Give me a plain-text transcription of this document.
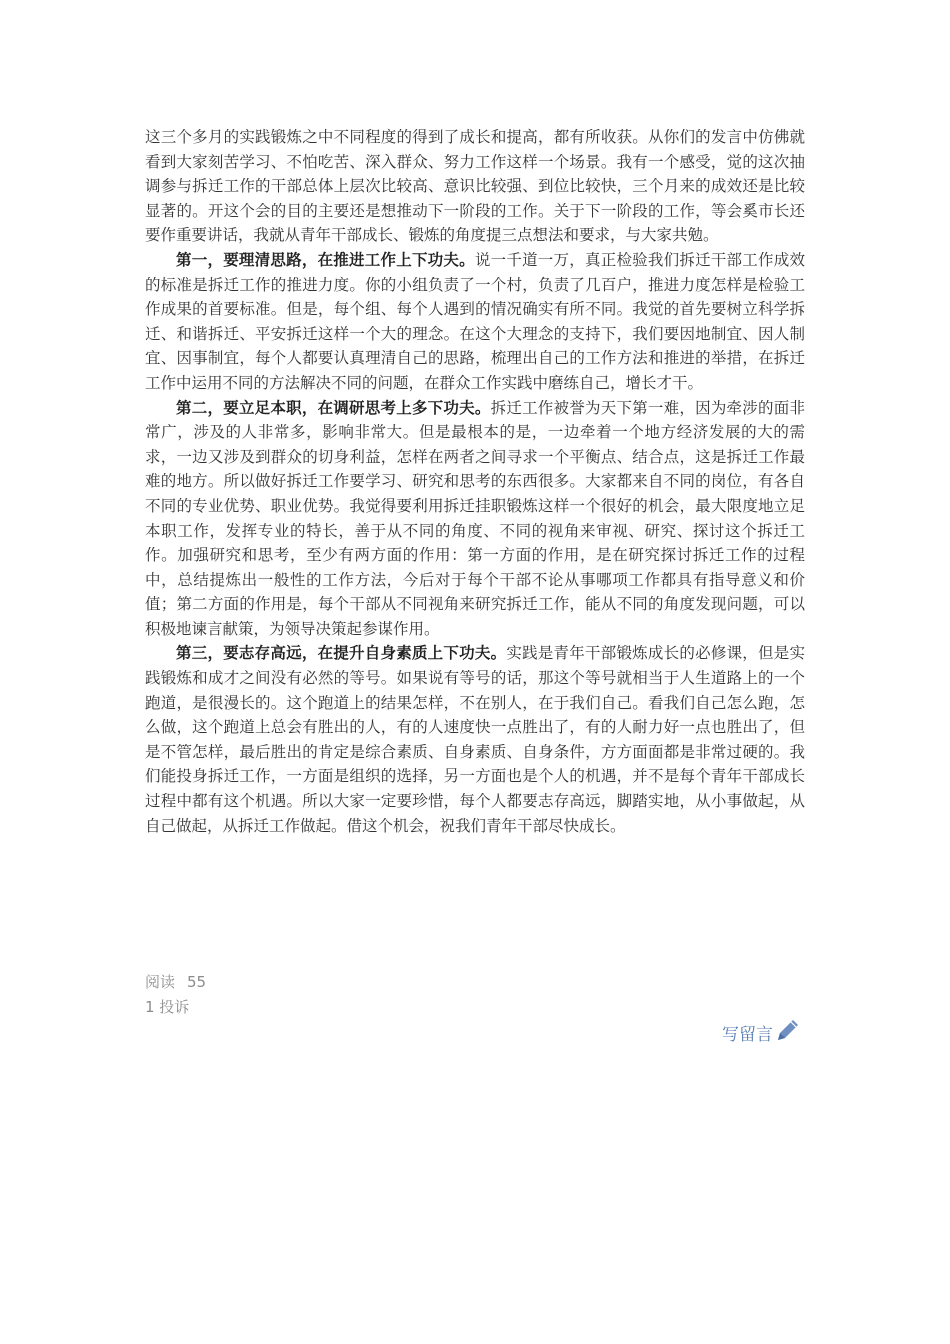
这三个多月的实践锻炼之中不同程度的得到了成长和提高，都有所收获。从你们的发言中仿佛就看到大家刻苦学习、不怕吃苦、深入群众、努力工作这样一个场景。我有一个感受，觉的这次抽调参与拆迁工作的干部总体上层次比较高、意识比较强、到位比较快，三个月来的成效还是比较显著的。开这个会的目的主要还是想推动下一阶段的工作。关于下一阶段的工作，等会奚市长还要作重要讲话，我就从青年干部成长、锻炼的角度提三点想法和要求，与大家共勉。

第一，要理清思路，在推进工作上下功夫。说一千道一万，真正检验我们拆迁干部工作成效的标准是拆迁工作的推进力度。你的小组负责了一个村，负责了几百户，推进力度怎样是检验工作成果的首要标准。但是，每个组、每个人遇到的情况确实有所不同。我觉的首先要树立科学拆迁、和谐拆迁、平安拆迁这样一个大的理念。在这个大理念的支持下，我们要因地制宜、因人制宜、因事制宜，每个人都要认真理清自己的思路，梳理出自己的工作方法和推进的举措，在拆迁工作中运用不同的方法解决不同的问题，在群众工作实践中磨练自己，增长才干。

第二，要立足本职，在调研思考上多下功夫。拆迁工作被誉为天下第一难，因为牵涉的面非常广，涉及的人非常多，影响非常大。但是最根本的是，一边牵着一个地方经济发展的大的需求，一边又涉及到群众的切身利益，怎样在两者之间寻求一个平衡点、结合点，这是拆迁工作最难的地方。所以做好拆迁工作要学习、研究和思考的东西很多。大家都来自不同的岗位，有各自不同的专业优势、职业优势。我觉得要利用拆迁挂职锻炼这样一个很好的机会，最大限度地立足本职工作，发挥专业的特长，善于从不同的角度、不同的视角来审视、研究、探讨这个拆迁工作。加强研究和思考，至少有两方面的作用：第一方面的作用，是在研究探讨拆迁工作的过程中，总结提炼出一般性的工作方法，今后对于每个干部不论从事哪项工作都具有指导意义和价值；第二方面的作用是，每个干部从不同视角来研究拆迁工作，能从不同的角度发现问题，可以积极地谏言献策，为领导决策起参谋作用。

第三，要志存高远，在提升自身素质上下功夫。实践是青年干部锻炼成长的必修课，但是实践锻炼和成才之间没有必然的等号。如果说有等号的话，那这个等号就相当于人生道路上的一个跑道，是很漫长的。这个跑道上的结果怎样，不在别人，在于我们自己。看我们自己怎么跑，怎么做，这个跑道上总会有胜出的人，有的人速度快一点胜出了，有的人耐力好一点也胜出了，但是不管怎样，最后胜出的肯定是综合素质、自身素质、自身条件，方方面面都是非常过硬的。我们能投身拆迁工作，一方面是组织的选择，另一方面也是个人的机遇，并不是每个青年干部成长过程中都有这个机遇。所以大家一定要珍惜，每个人都要志存高远，脚踏实地，从小事做起，从自己做起，从拆迁工作做起。借这个机会，祝我们青年干部尽快成长。

阅读 55
1 投诉
写留言
